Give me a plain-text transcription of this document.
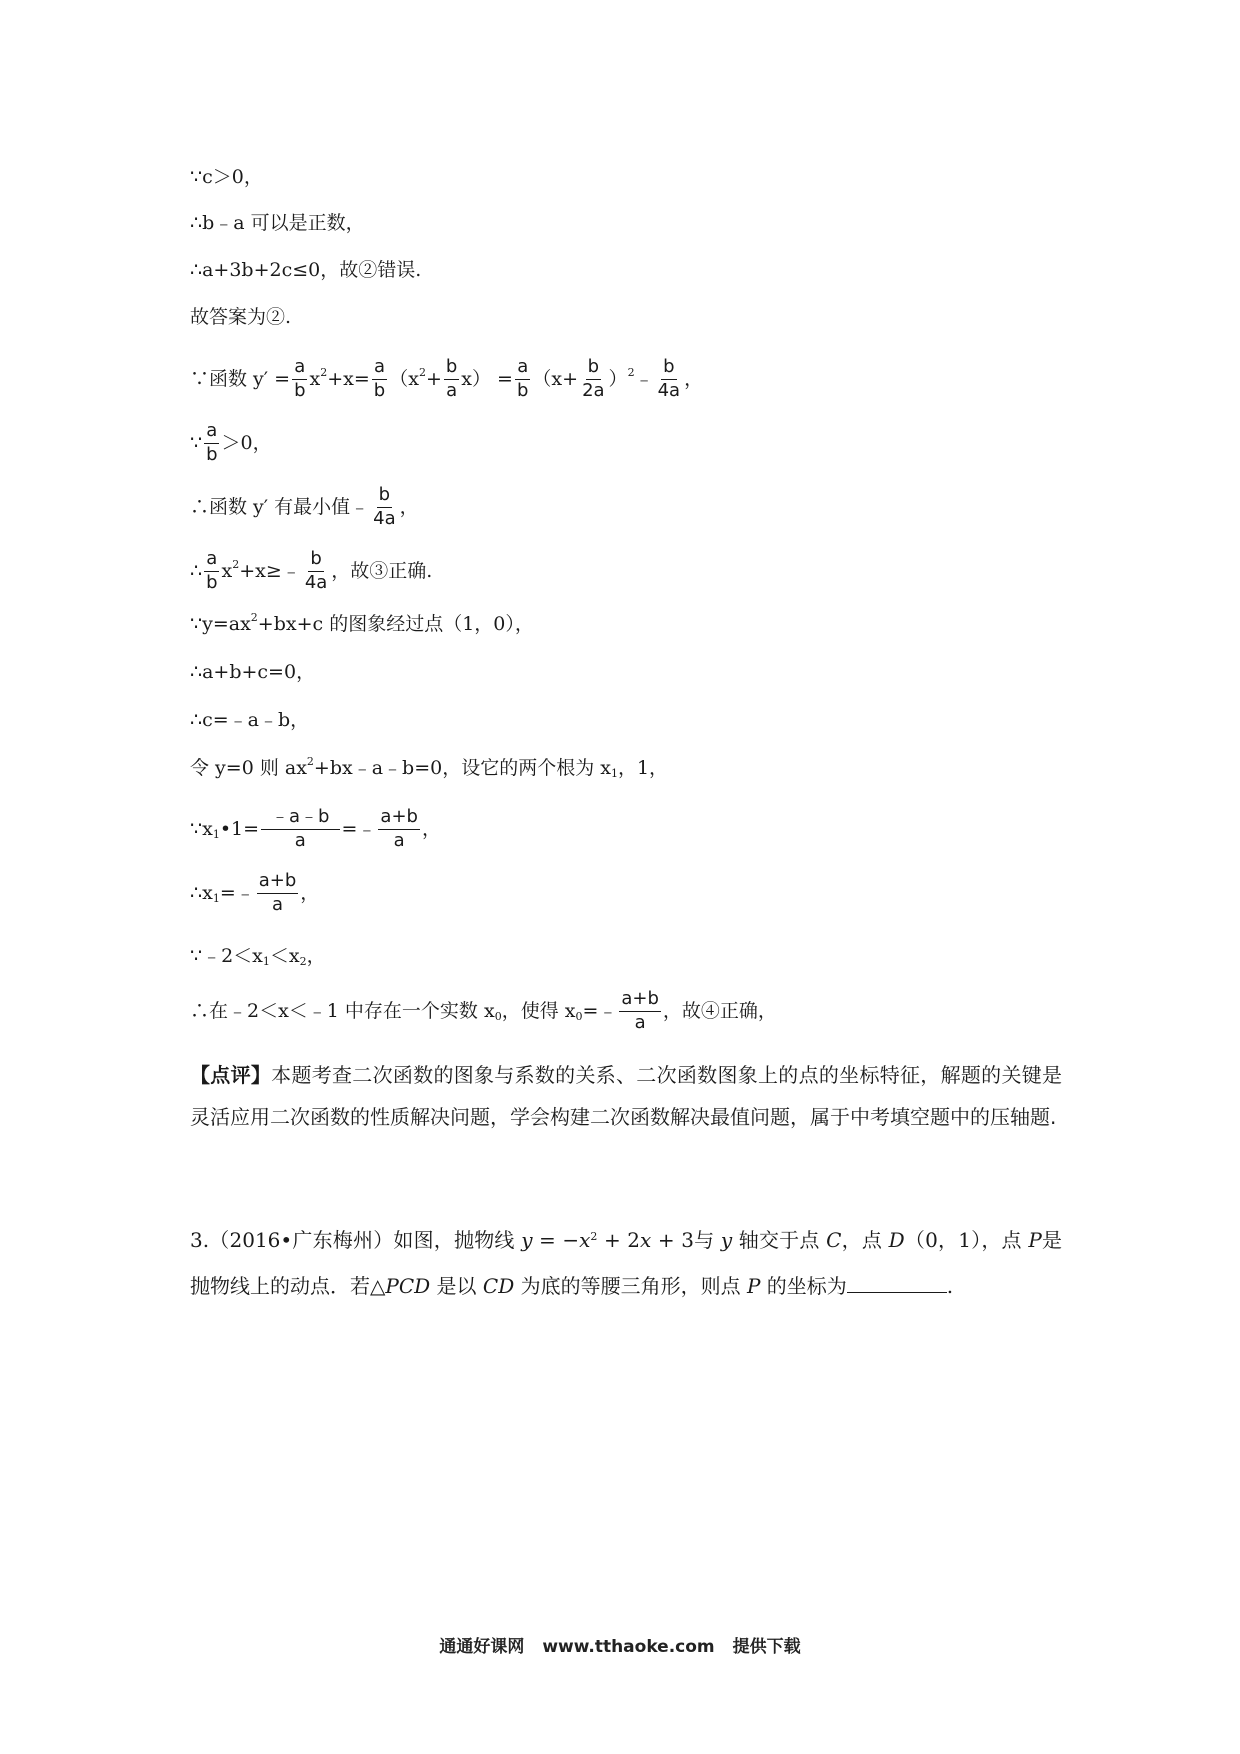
∵c＞0，
∴b﹣a 可以是正数，
∴a+3b+2c≤0，故②错误.
故答案为②.
∵函数 $y' = \frac{a}{b}$ x $2 +x= \frac{a}{b} (x$ $2 + \frac{b}{a} x) = \frac{a}{b} (x+ \frac{b}{2a}$ ） 2 ﹣ $\frac{b}{4a}$ ，
∵ $\frac{a}{b} >0$，
∴函数 y′ 有最小值﹣ $\frac{b}{4a}$ ，
∴ $\frac{a}{b}$ x 2 +x≥﹣ $\frac{b}{4a}$ ，故③正确.
∵y=ax 2 +bx+c 的图象经过点（1，0），
∴a+b+c=0，
∴c=﹣a﹣b，
令 y=0 则 ax 2 +bx﹣a﹣b=0，设它的两个根为 x 1 ，1，
∵x 1 •1= $\frac{﹣a﹣b}{a}$ =﹣ $\frac{a+b}{a}$ ，
∴x 1 =﹣ $\frac{a+b}{a}$ ，
∵﹣2＜x 1 ＜x 2 ，
∴在﹣2＜x＜﹣1 中存在一个实数 x 0 ，使得 x 0 =﹣ $\frac{a+b}{a}$ ，故④正确，
【点评】本题考查二次函数的图象与系数的关系、二次函数图象上的点的坐标特征，解题的关键是灵活应用二次函数的性质解决问题，学会构建二次函数解决最值问题，属于中考填空题中的压轴题.
3.（2016•广东梅州）如图，抛物线 $y = -x^2 + 2x + 3$与 y 轴交于点 C，点 D（0，1），点 P是抛物线上的动点．若△PCD 是以 CD 为底的等腰三角形，则点 P 的坐标为	.
通通好课网 www.tthaoke.com 提供下载
